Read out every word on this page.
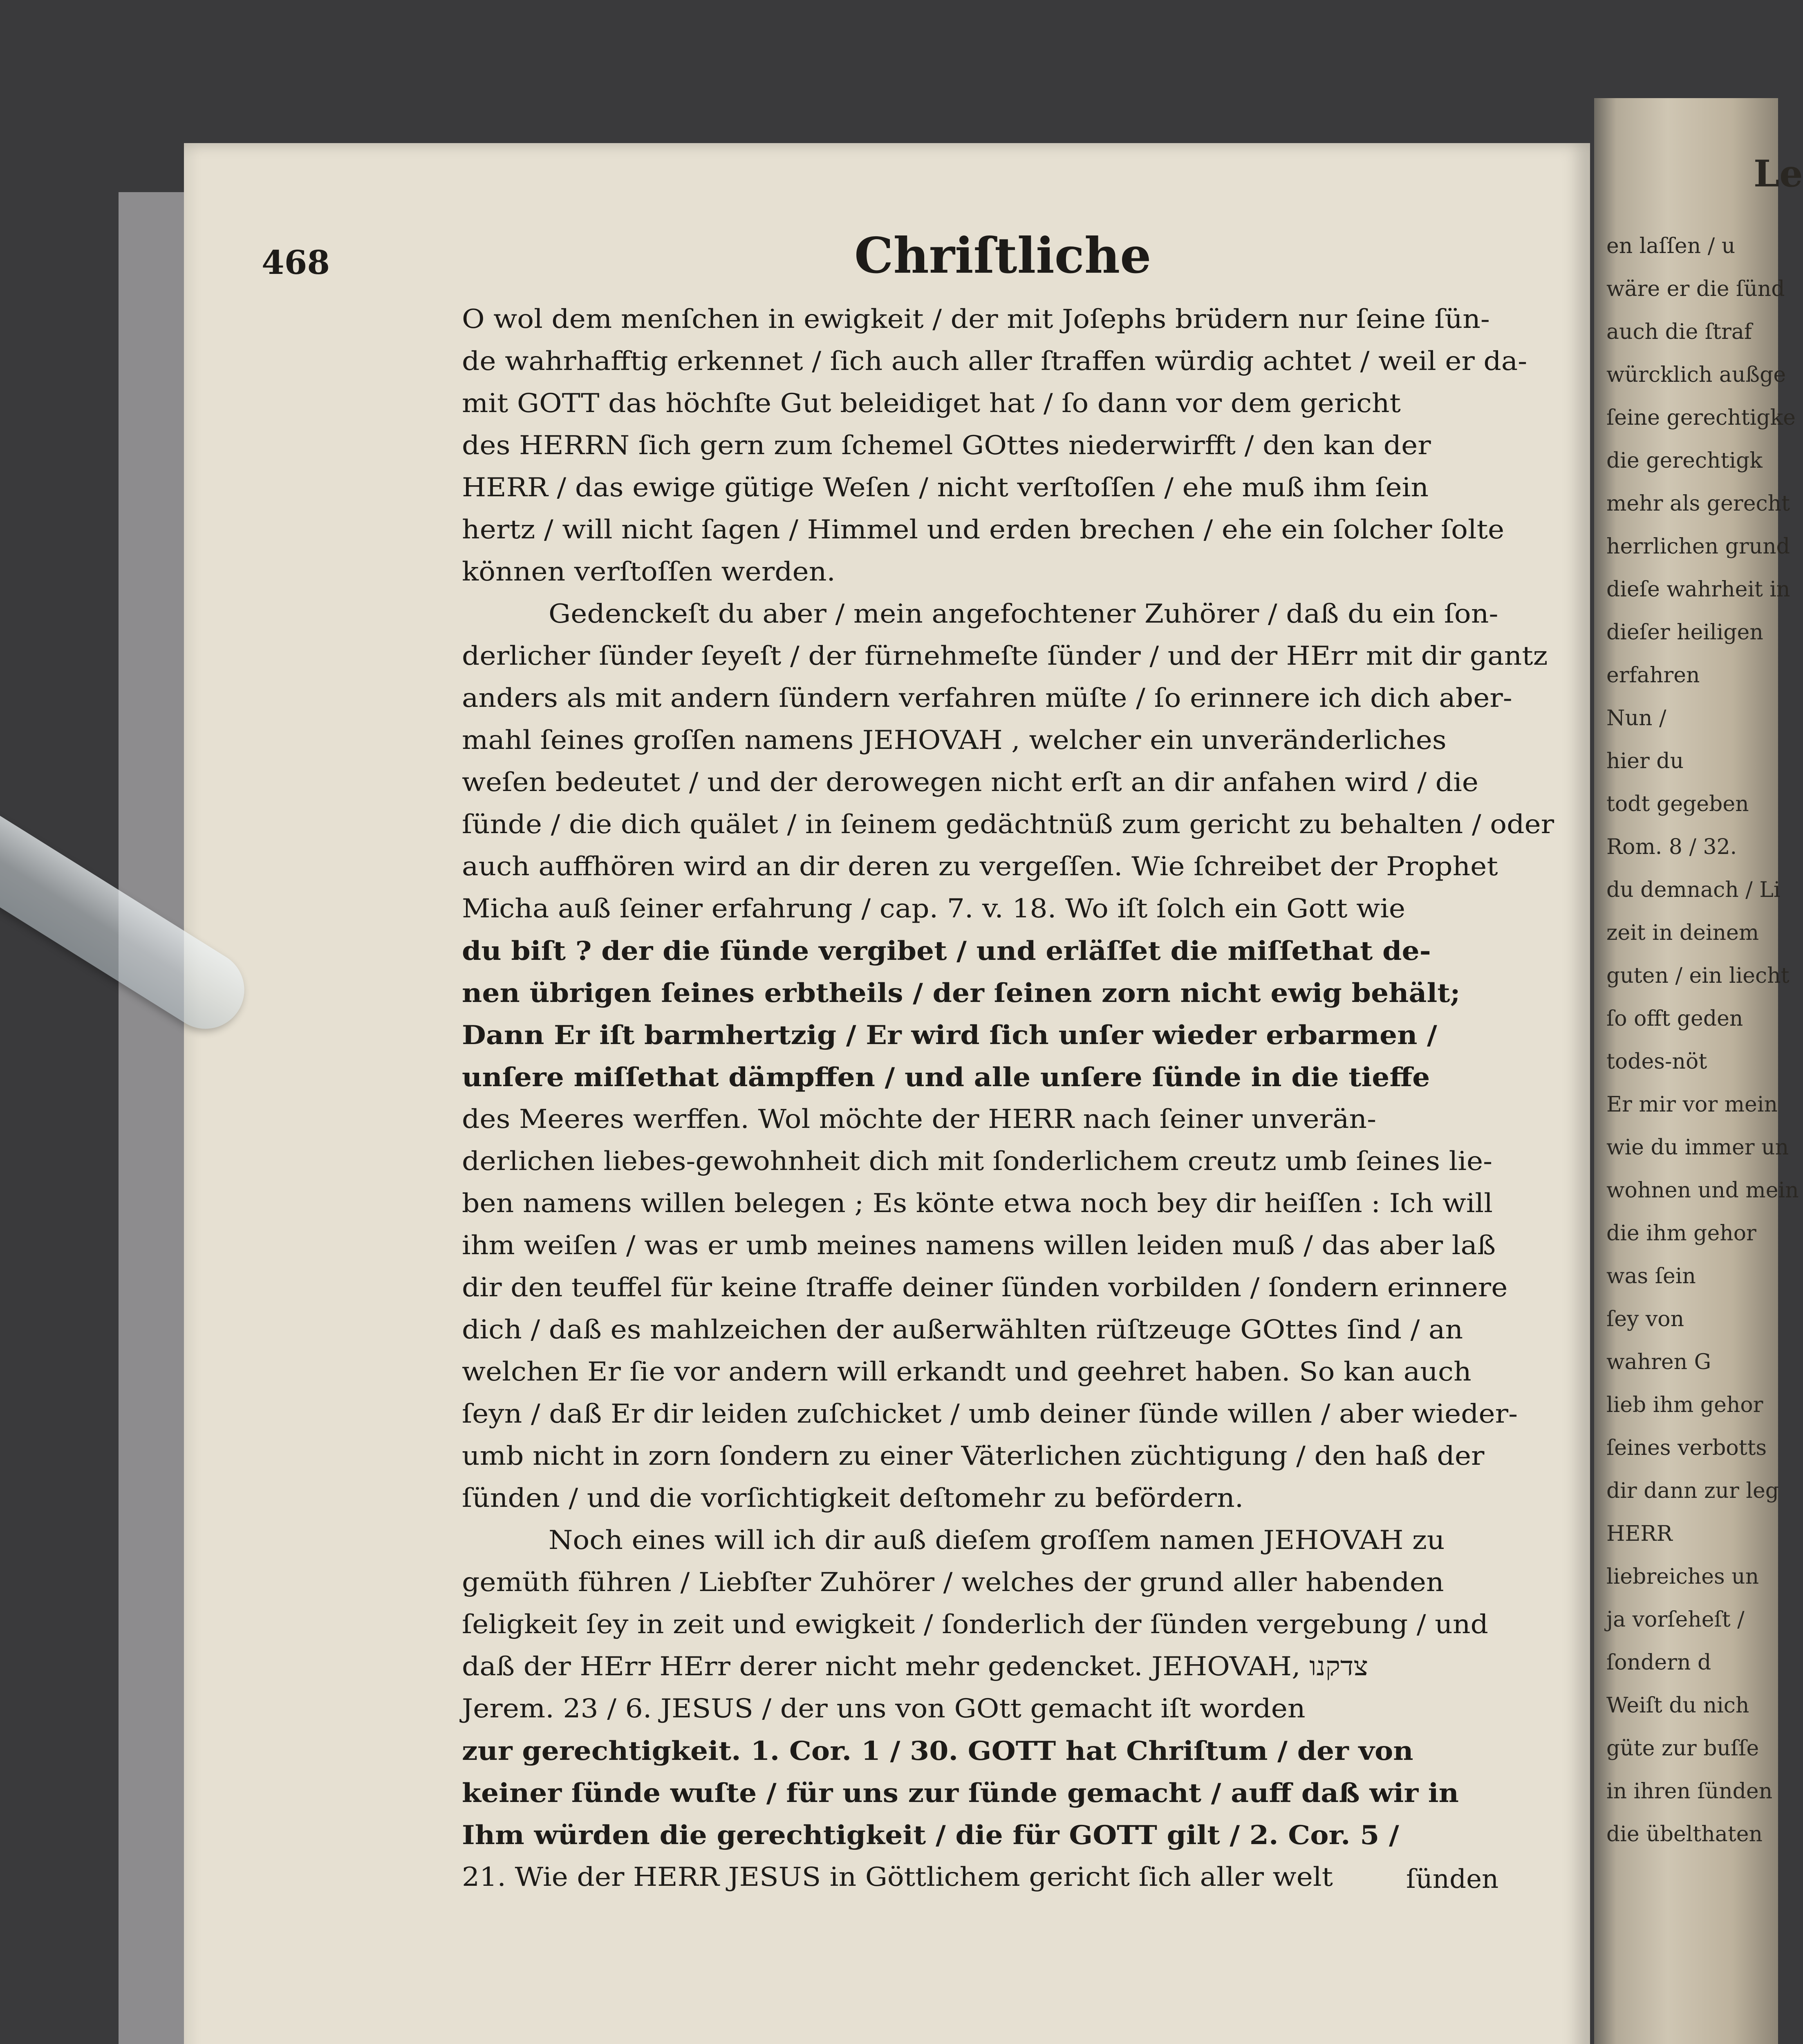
468	Chriſtliche
O wol dem menſchen in ewigkeit / der mit Joſephs brüdern nur ſeine ſün-
de wahrhafftig erkennet / ſich auch aller ſtraffen würdig achtet / weil er da-
mit GOTT das höchſte Gut beleidiget hat / ſo dann vor dem gericht
des HERRN ſich gern zum ſchemel GOttes niederwirfft / den kan der
HERR / das ewige gütige Weſen / nicht verſtoſſen / ehe muß ihm ſein
hertz / will nicht ſagen / Himmel und erden brechen / ehe ein ſolcher ſolte
können verſtoſſen werden.
Gedenckeſt du aber / mein angefochtener Zuhörer / daß du ein ſon-
derlicher ſünder ſeyeſt / der fürnehmeſte ſünder / und der HErr mit dir gantz
anders als mit andern ſündern verfahren müſte / ſo erinnere ich dich aber-
mahl ſeines groſſen namens JEHOVAH , welcher ein unveränderliches
weſen bedeutet / und der derowegen nicht erſt an dir anfahen wird / die
ſünde / die dich quälet / in ſeinem gedächtnüß zum gericht zu behalten / oder
auch auffhören wird an dir deren zu vergeſſen. Wie ſchreibet der Prophet
Micha auß ſeiner erfahrung / cap. 7. v. 18. Wo iſt ſolch ein Gott wie
du biſt ? der die ſünde vergibet / und erläſſet die miſſethat de-
nen übrigen ſeines erbtheils / der ſeinen zorn nicht ewig behält;
Dann Er iſt barmhertzig / Er wird ſich unſer wieder erbarmen /
unſere miſſethat dämpffen / und alle unſere ſünde in die tieffe
des Meeres werffen. Wol möchte der HERR nach ſeiner unverän-
derlichen liebes-gewohnheit dich mit ſonderlichem creutz umb ſeines lie-
ben namens willen belegen ; Es könte etwa noch bey dir heiſſen : Ich will
ihm weiſen / was er umb meines namens willen leiden muß / das aber laß
dir den teuffel für keine ſtraffe deiner ſünden vorbilden / ſondern erinnere
dich / daß es mahlzeichen der außerwählten rüſtzeuge GOttes ſind / an
welchen Er ſie vor andern will erkandt und geehret haben. So kan auch
ſeyn / daß Er dir leiden zuſchicket / umb deiner ſünde willen / aber wieder-
umb nicht in zorn ſondern zu einer Väterlichen züchtigung / den haß der
ſünden / und die vorſichtigkeit deſtomehr zu befördern.
Noch eines will ich dir auß dieſem groſſem namen JEHOVAH zu
gemüth führen / Liebſter Zuhörer / welches der grund aller habenden
ſeligkeit ſey in zeit und ewigkeit / ſonderlich der ſünden vergebung / und
daß der HErr HErr derer nicht mehr gedencket. JEHOVAH, צדקנו
Jerem. 23 / 6. JESUS / der uns von GOtt gemacht iſt worden
zur gerechtigkeit. 1. Cor. 1 / 30. GOTT hat Chriſtum / der von
keiner ſünde wuſte / für uns zur ſünde gemacht / auff daß wir in
Ihm würden die gerechtigkeit / die für GOTT gilt / 2. Cor. 5 /
21. Wie der HERR JESUS in Göttlichem gericht ſich aller welt	ſünden
Le
en laſſen / u
wäre er die ſünd
auch die ſtraf
würcklich außge
ſeine gerechtigke
die gerechtigk
mehr als gerecht
herrlichen grund
dieſe wahrheit in
dieſer heiligen
erfahren
Nun /
hier du
todt gegeben
Rom. 8 / 32.
du demnach / Li
zeit in deinem
guten / ein liecht
ſo offt geden
todes-nöt
Er mir vor mein
wie du immer un
wohnen und mein
die ihm gehor
was ſein
ſey von
wahren G
lieb ihm gehor
ſeines verbotts
dir dann zur leg
HERR
liebreiches un
ja vorſeheſt /
ſondern d
Weiſt du nich
güte zur buſſe
in ihren ſünden
die übelthaten
